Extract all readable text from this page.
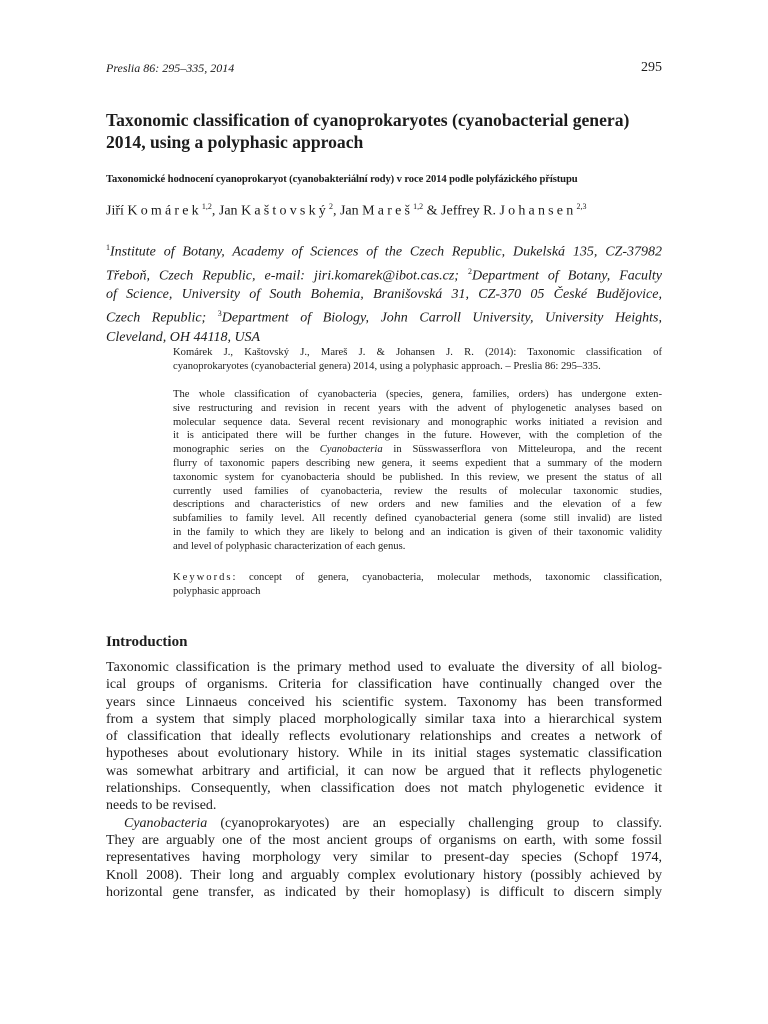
Preslia 86: 295–335, 2014	295
Taxonomic classification of cyanoprokaryotes (cyanobacterial genera)
2014, using a polyphasic approach
Taxonomické hodnocení cyanoprokaryot (cyanobakteriální rody) v roce 2014 podle polyfázického přístupu
Jiří Komárek$^{1,2}$, Jan Kaštovský$^2$, Jan Mareš$^{1,2}$ & Jeffrey R. Johansen$^{2,3}$
$^1$Institute of Botany, Academy of Sciences of the Czech Republic, Dukelská 135, CZ-37982
Třeboň, Czech Republic, e-mail: jiri.komarek@ibot.cas.cz; $^2$Department of Botany, Faculty
of Science, University of South Bohemia, Branišovská 31, CZ-370 05 České Budějovice,
Czech Republic; $^3$Department of Biology, John Carroll University, University Heights,
Cleveland, OH 44118, USA
Komárek J., Kaštovský J., Mareš J. & Johansen J. R. (2014): Taxonomic classification of
cyanoprokaryotes (cyanobacterial genera) 2014, using a polyphasic approach. – Preslia 86: 295–335.
The whole classification of cyanobacteria (species, genera, families, orders) has undergone exten-
sive restructuring and revision in recent years with the advent of phylogenetic analyses based on
molecular sequence data. Several recent revisionary and monographic works initiated a revision and
it is anticipated there will be further changes in the future. However, with the completion of the
monographic series on the Cyanobacteria in Süsswasserflora von Mitteleuropa, and the recent
flurry of taxonomic papers describing new genera, it seems expedient that a summary of the modern
taxonomic system for cyanobacteria should be published. In this review, we present the status of all
currently used families of cyanobacteria, review the results of molecular taxonomic studies,
descriptions and characteristics of new orders and new families and the elevation of a few
subfamilies to family level. All recently defined cyanobacterial genera (some still invalid) are listed
in the family to which they are likely to belong and an indication is given of their taxonomic validity
and level of polyphasic characterization of each genus.
Keywords: concept of genera, cyanobacteria, molecular methods, taxonomic classification,
polyphasic approach
Introduction
Taxonomic classification is the primary method used to evaluate the diversity of all biolog-
ical groups of organisms. Criteria for classification have continually changed over the
years since Linnaeus conceived his scientific system. Taxonomy has been transformed
from a system that simply placed morphologically similar taxa into a hierarchical system
of classification that ideally reflects evolutionary relationships and creates a network of
hypotheses about evolutionary history. While in its initial stages systematic classification
was somewhat arbitrary and artificial, it can now be argued that it reflects phylogenetic
relationships. Consequently, when classification does not match phylogenetic evidence it
needs to be revised.
Cyanobacteria (cyanoprokaryotes) are an especially challenging group to classify.
They are arguably one of the most ancient groups of organisms on earth, with some fossil
representatives having morphology very similar to present-day species (Schopf 1974,
Knoll 2008). Their long and arguably complex evolutionary history (possibly achieved by
horizontal gene transfer, as indicated by their homoplasy) is difficult to discern simply
